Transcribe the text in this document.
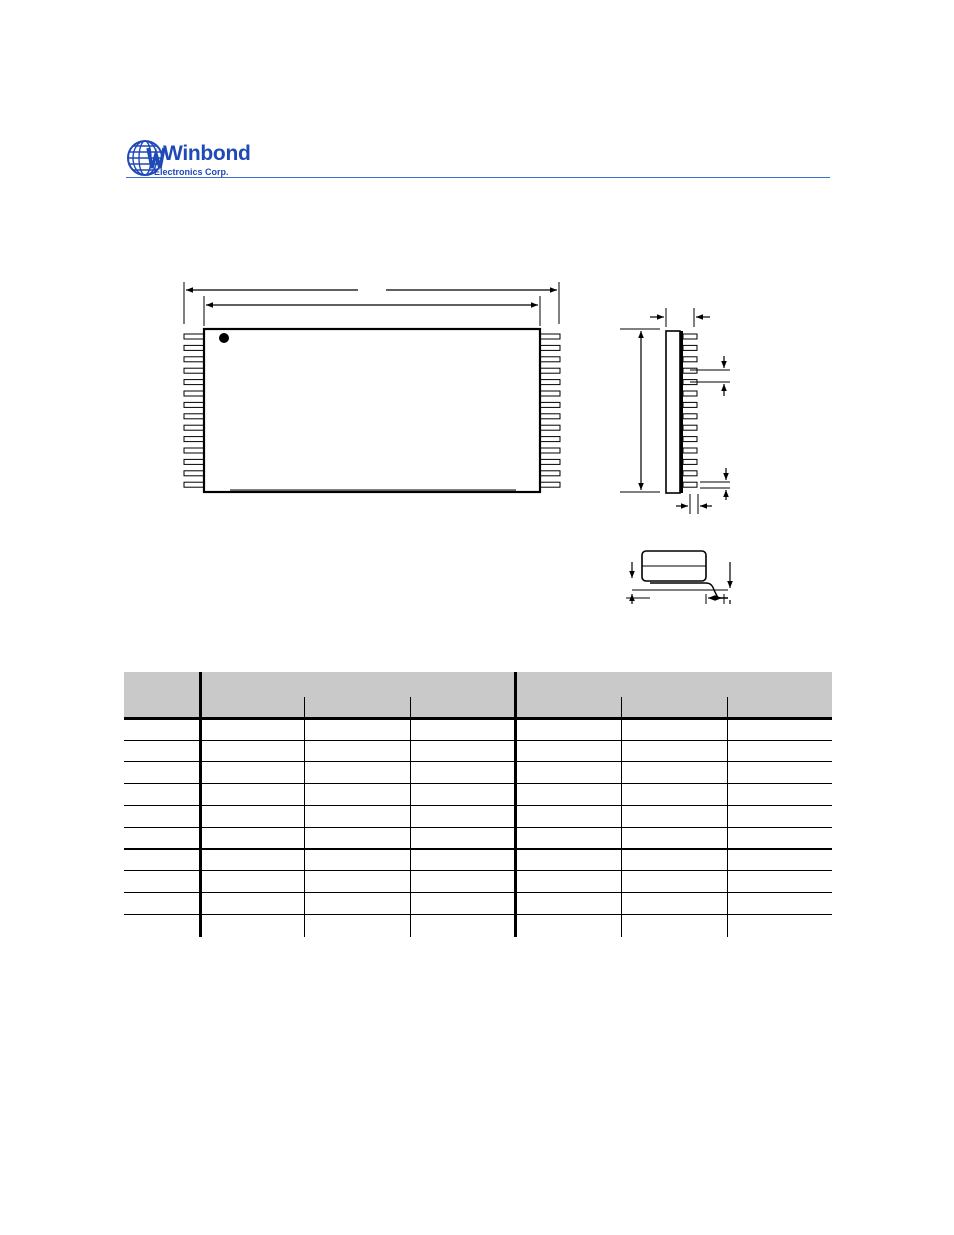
Winbond
Electronics Corp.
